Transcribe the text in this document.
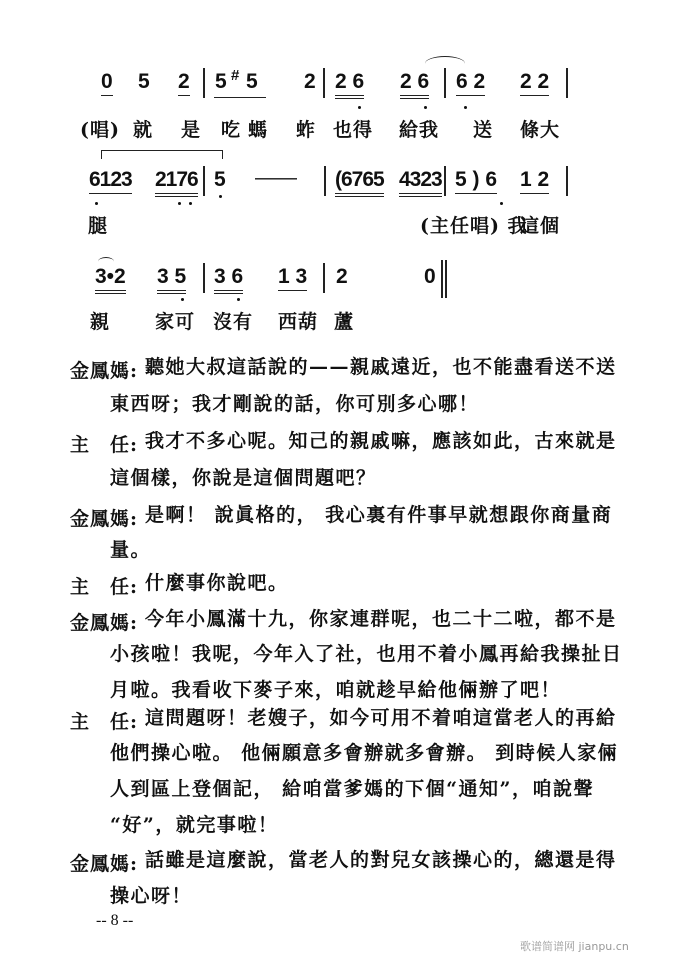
0 5 2 5 # 5 2 2 6 2 6 6 2 2 2
(唱) 就 是 吃 螞 蚱 也得 給我 送 條大
6123 2176 5 —— (6765 4323 5 ) 6 1 2
腿	(主任唱) 我
這個
3•2 3 5 3 6 1 3 2	0
親 家可 沒有 西葫 蘆
金鳳媽: 聽她大叔這話說的——親戚遠近，也不能盡看送不送
東西呀；我才剛說的話，你可別多心哪！
主　任: 我才不多心呢。知己的親戚嘛，應該如此，古來就是
這個樣，你說是這個問題吧？
金鳳媽: 是啊！ 說眞格的， 我心裏有件事早就想跟你商量商
量。
主　任: 什麼事你說吧。
金鳳媽: 今年小鳳滿十九，你家連群呢，也二十二啦，都不是
小孩啦！我呢，今年入了社，也用不着小鳳再給我操扯日
月啦。我看收下麥子來，咱就趁早給他倆辦了吧！
主　任: 這問題呀！老嫂子，如今可用不着咱這當老人的再給
他們操心啦。 他倆願意多會辦就多會辦。 到時候人家倆
人到區上登個記， 給咱當爹媽的下個“通知”，咱說聲
“好”，就完事啦！
金鳳媽: 話雖是這麼說，當老人的對兒女該操心的，總還是得
操心呀！
-- 8 --
歌谱简谱网 jianpu.cn
